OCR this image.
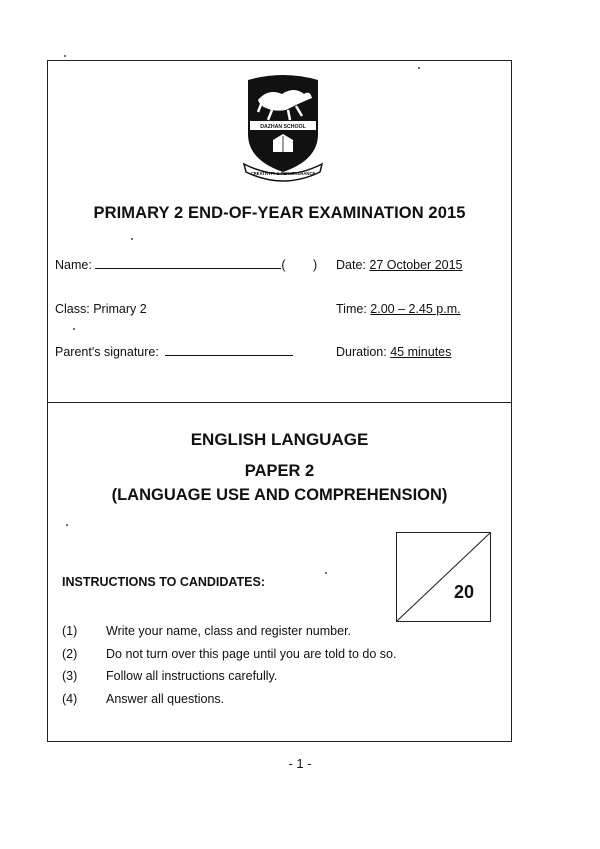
DAZHAN SCHOOL
CREATIVITY & PERSEVERANCE
PRIMARY 2 END-OF-YEAR EXAMINATION 2015
Name:	( ) Date: 27 October 2015
Class: Primary 2	Time: 2.00 – 2.45 p.m.
Parent's signature:	Duration: 45 minutes
ENGLISH LANGUAGE
PAPER 2
(LANGUAGE USE AND COMPREHENSION)
20
INSTRUCTIONS TO CANDIDATES:
(1) Write your name, class and register number.
(2) Do not turn over this page until you are told to do so.
(3) Follow all instructions carefully.
(4) Answer all questions.
- 1 -
